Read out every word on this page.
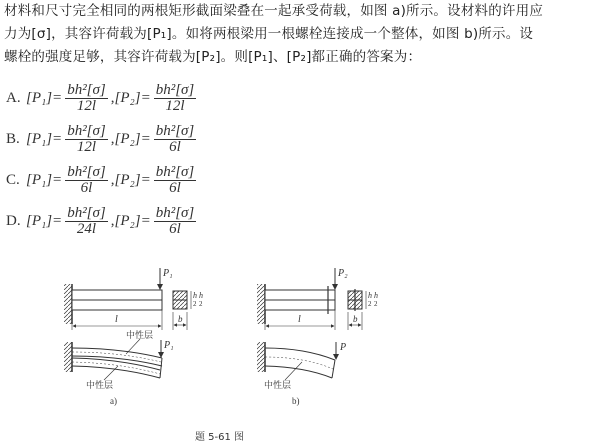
材料和尺寸完全相同的两根矩形截面梁叠在一起承受荷载，如图 a)所示。设材料的许用应
力为[σ]，其容许荷载为[P₁]。如将两根梁用一根螺栓连接成一个整体，如图 b)所示。设
螺栓的强度足够，其容许荷载为[P₂]。则[P₁]、[P₂]都正确的答案为：
A. $[P_1]= \frac{\text{bh²[σ]}}{12l}$ , $[P_2]= \frac{\text{bh²[σ]}}{12l}$
B. $[P_1]= \frac{\text{bh²[σ]}}{12l}$ , $[P_2]= \frac{\text{bh²[σ]}}{6l}$
C. $[P_1]= \frac{\text{bh²[σ]}}{6l}$ , $[P_2]= \frac{\text{bh²[σ]}}{6l}$
D. $[P_1]= \frac{\text{bh²[σ]}}{24l}$ , $[P_2]= \frac{\text{bh²[σ]}}{6l}$
P₁
l	b
h
2
h
2
P₁
中性层
中性层
a)
P₂
l	b
h
2
h
2
P
中性层
b)
题 5-61 图
